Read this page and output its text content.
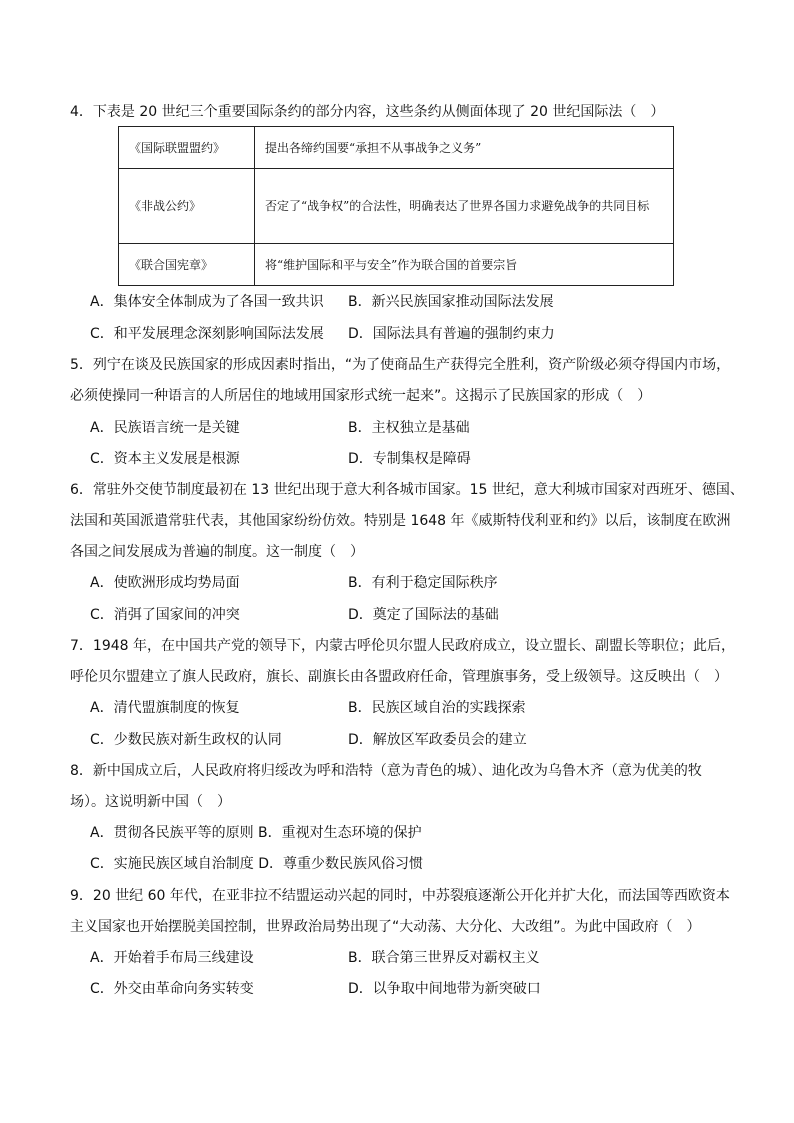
4．下表是 20 世纪三个重要国际条约的部分内容，这些条约从侧面体现了 20 世纪国际法（　）
《国际联盟盟约》	提出各缔约国要“承担不从事战争之义务”
《非战公约》	否定了“战争权”的合法性，明确表达了世界各国力求避免战争的共同目标
《联合国宪章》	将“维护国际和平与安全”作为联合国的首要宗旨
A．集体安全体制成为了各国一致共识 B．新兴民族国家推动国际法发展
C．和平发展理念深刻影响国际法发展 D．国际法具有普遍的强制约束力
5．列宁在谈及民族国家的形成因素时指出，“为了使商品生产获得完全胜利，资产阶级必须夺得国内市场，
必须使操同一种语言的人所居住的地域用国家形式统一起来”。这揭示了民族国家的形成（　）
A．民族语言统一是关键	B．主权独立是基础
C．资本主义发展是根源	D．专制集权是障碍
6．常驻外交使节制度最初在 13 世纪出现于意大利各城市国家。15 世纪，意大利城市国家对西班牙、德国、
法国和英国派遣常驻代表，其他国家纷纷仿效。特别是 1648 年《威斯特伐利亚和约》以后，该制度在欧洲
各国之间发展成为普遍的制度。这一制度（　）
A．使欧洲形成均势局面	B．有利于稳定国际秩序
C．消弭了国家间的冲突	D．奠定了国际法的基础
7．1948 年，在中国共产党的领导下，内蒙古呼伦贝尔盟人民政府成立，设立盟长、副盟长等职位；此后，
呼伦贝尔盟建立了旗人民政府，旗长、副旗长由各盟政府任命，管理旗事务，受上级领导。这反映出（　）
A．清代盟旗制度的恢复	B．民族区域自治的实践探索
C．少数民族对新生政权的认同	D．解放区军政委员会的建立
8．新中国成立后，人民政府将归绥改为呼和浩特（意为青色的城）、迪化改为乌鲁木齐（意为优美的牧
场）。这说明新中国（　）
A．贯彻各民族平等的原则 B．重视对生态环境的保护
C．实施民族区域自治制度 D．尊重少数民族风俗习惯
9．20 世纪 60 年代，在亚非拉不结盟运动兴起的同时，中苏裂痕逐渐公开化并扩大化，而法国等西欧资本
主义国家也开始摆脱美国控制，世界政治局势出现了“大动荡、大分化、大改组”。为此中国政府（　）
A．开始着手布局三线建设	B．联合第三世界反对霸权主义
C．外交由革命向务实转变	D．以争取中间地带为新突破口
